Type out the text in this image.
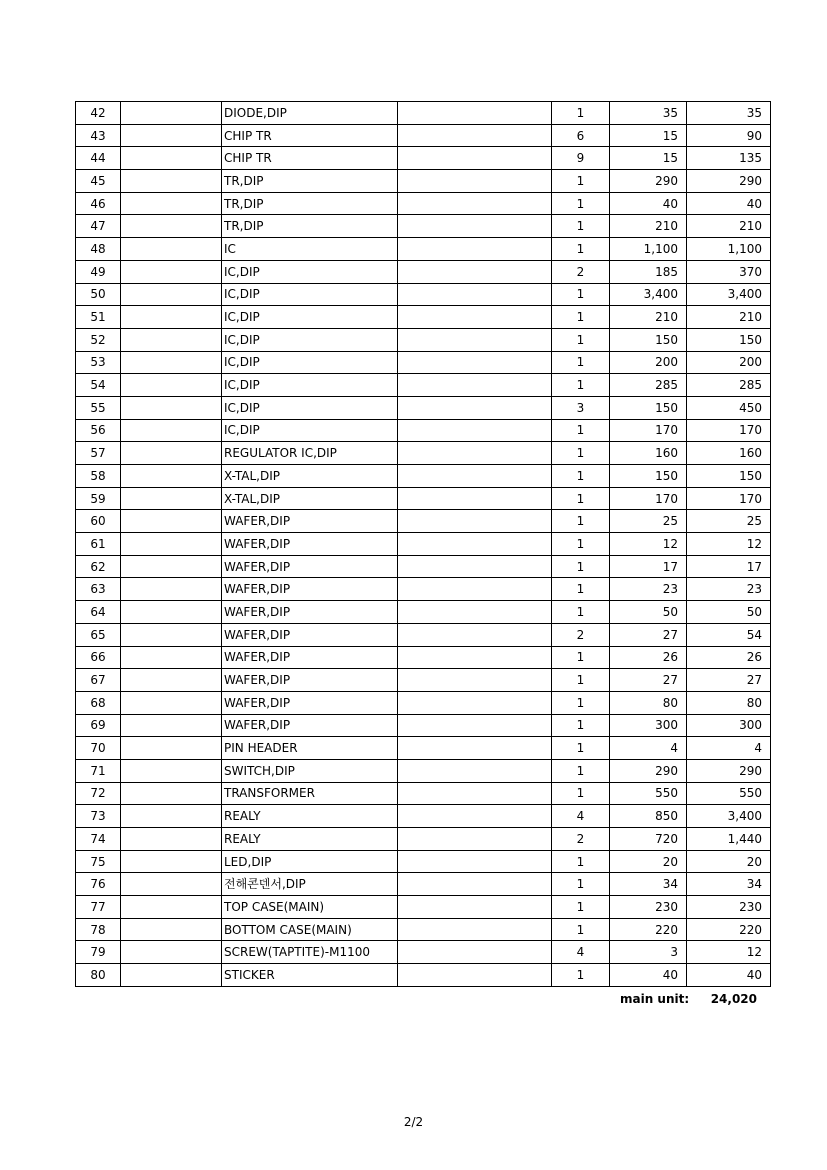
42		DIODE,DIP		1	35	35
43		CHIP TR		6	15	90
44		CHIP TR		9	15	135
45		TR,DIP		1	290	290
46		TR,DIP		1	40	40
47		TR,DIP		1	210	210
48		IC		1	1,100	1,100
49		IC,DIP		2	185	370
50		IC,DIP		1	3,400	3,400
51		IC,DIP		1	210	210
52		IC,DIP		1	150	150
53		IC,DIP		1	200	200
54		IC,DIP		1	285	285
55		IC,DIP		3	150	450
56		IC,DIP		1	170	170
57		REGULATOR IC,DIP		1	160	160
58		X-TAL,DIP		1	150	150
59		X-TAL,DIP		1	170	170
60		WAFER,DIP		1	25	25
61		WAFER,DIP		1	12	12
62		WAFER,DIP		1	17	17
63		WAFER,DIP		1	23	23
64		WAFER,DIP		1	50	50
65		WAFER,DIP		2	27	54
66		WAFER,DIP		1	26	26
67		WAFER,DIP		1	27	27
68		WAFER,DIP		1	80	80
69		WAFER,DIP		1	300	300
70		PIN HEADER		1	4	4
71		SWITCH,DIP		1	290	290
72		TRANSFORMER		1	550	550
73		REALY		4	850	3,400
74		REALY		2	720	1,440
75		LED,DIP		1	20	20
76		전해콘덴서,DIP		1	34	34
77		TOP CASE(MAIN)		1	230	230
78		BOTTOM CASE(MAIN)		1	220	220
79		SCREW(TAPTITE)-M1100		4	3	12
80		STICKER		1	40	40
main unit: 24,020
2/2
